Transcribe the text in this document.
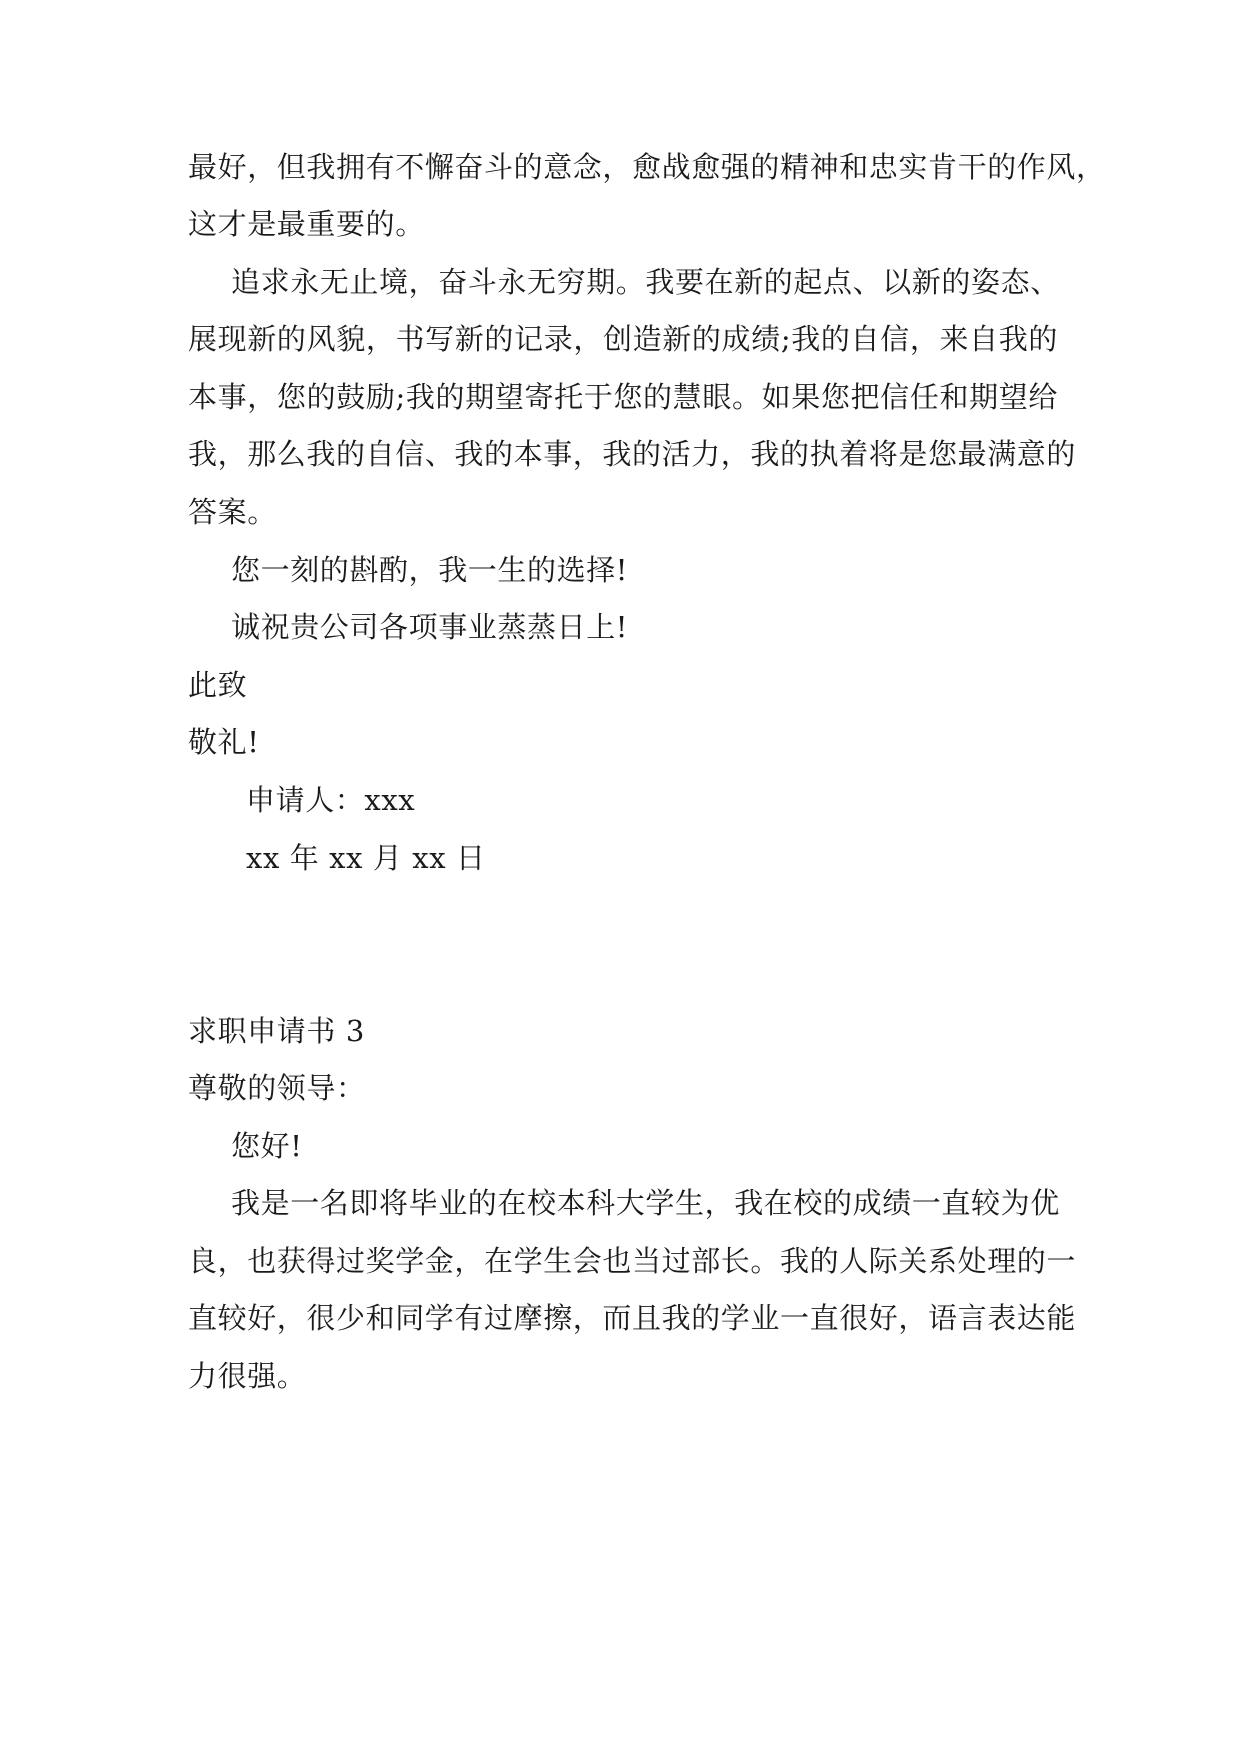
最好，但我拥有不懈奋斗的意念，愈战愈强的精神和忠实肯干的作风，
这才是最重要的。
追求永无止境，奋斗永无穷期。我要在新的起点、以新的姿态、
展现新的风貌，书写新的记录，创造新的成绩;我的自信，来自我的
本事，您的鼓励;我的期望寄托于您的慧眼。如果您把信任和期望给
我，那么我的自信、我的本事，我的活力，我的执着将是您最满意的
答案。
您一刻的斟酌，我一生的选择!
诚祝贵公司各项事业蒸蒸日上!
此致
敬礼!
申请人：xxx
xx 年 xx 月 xx 日
求职申请书 3
尊敬的领导：
您好!
我是一名即将毕业的在校本科大学生，我在校的成绩一直较为优
良，也获得过奖学金，在学生会也当过部长。我的人际关系处理的一
直较好，很少和同学有过摩擦，而且我的学业一直很好，语言表达能
力很强。
